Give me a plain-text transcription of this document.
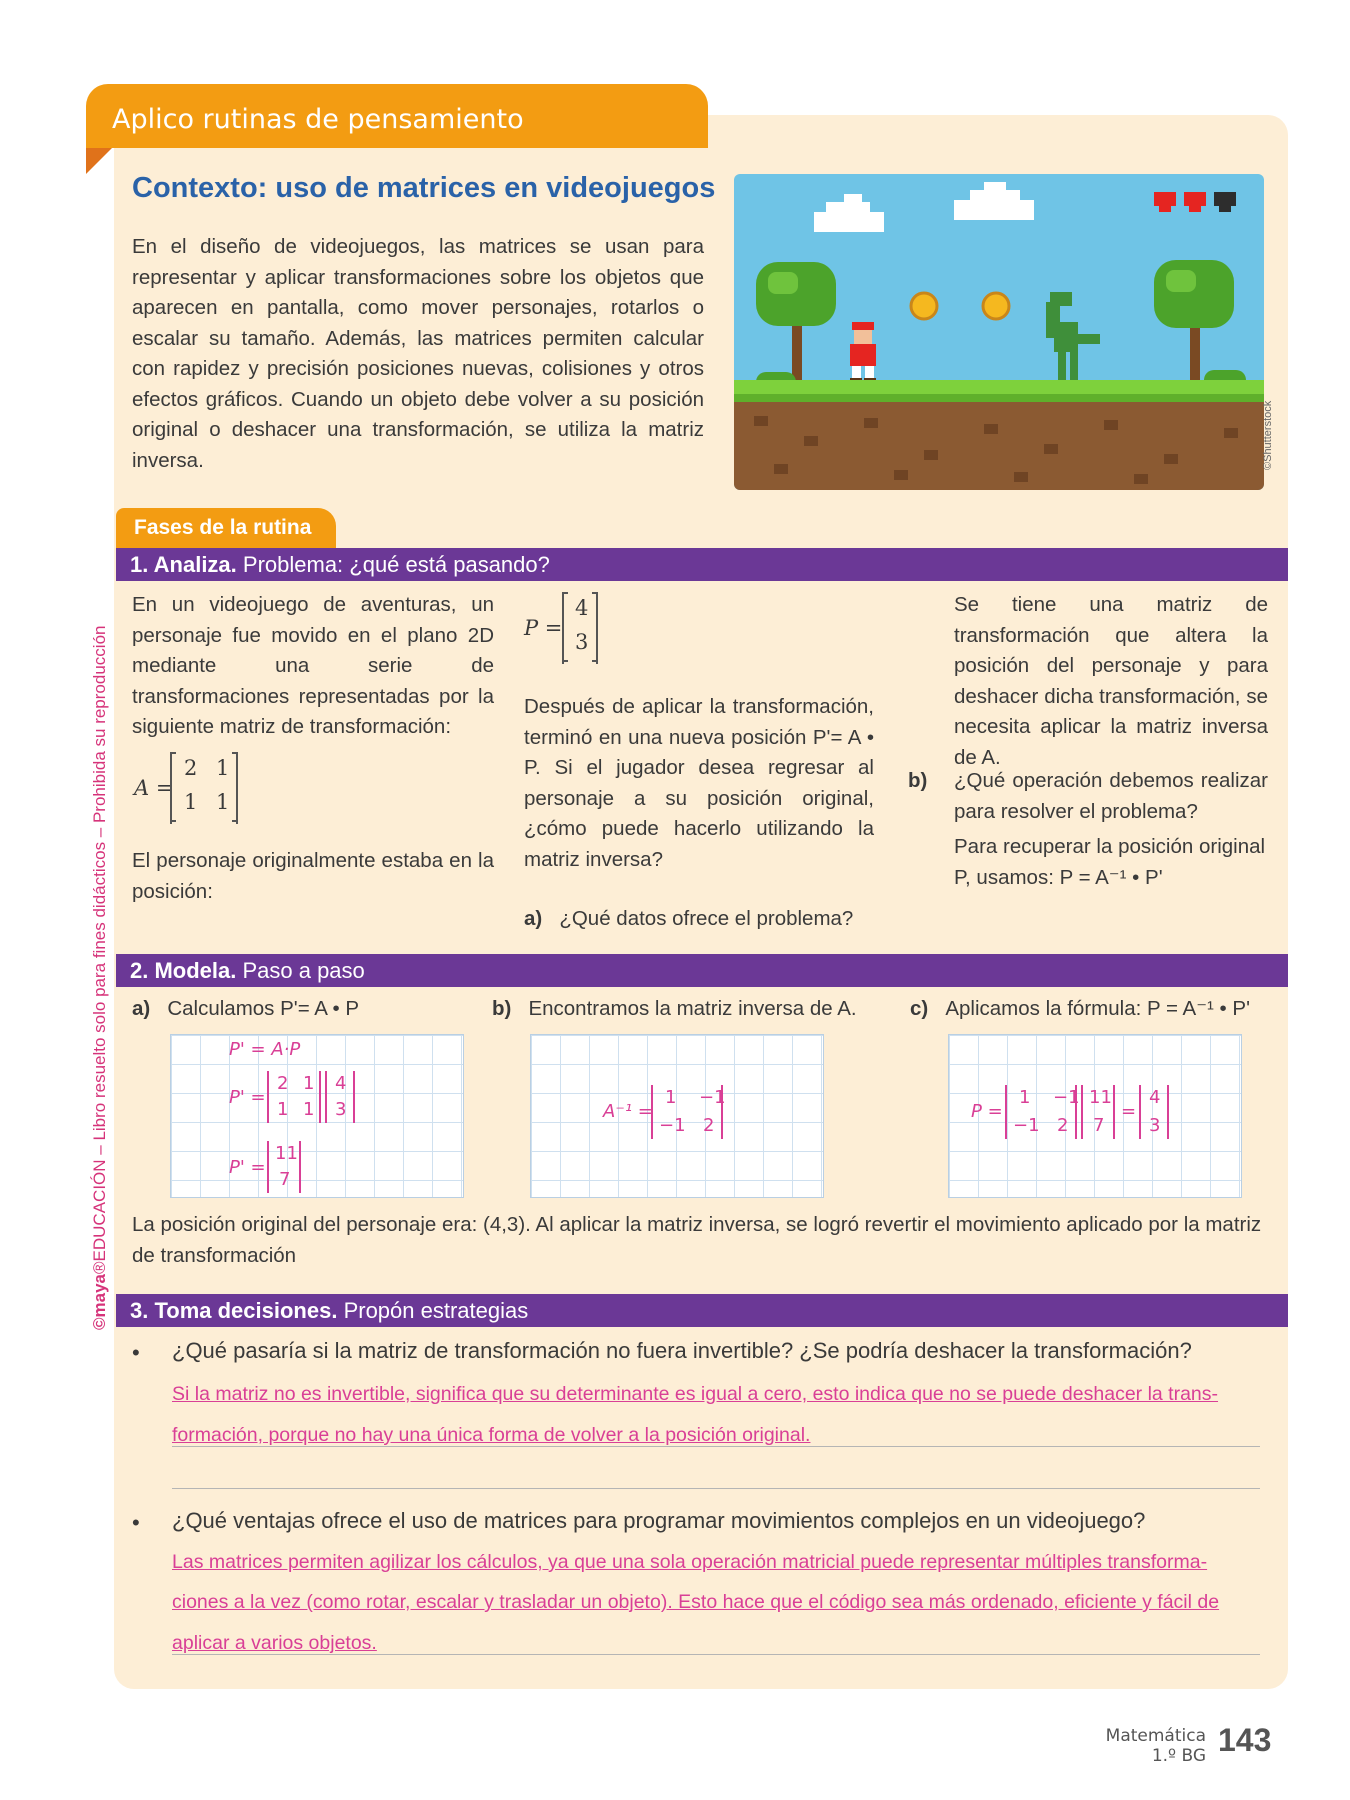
Aplico rutinas de pensamiento
Contexto: uso de matrices en videojuegos
En el diseño de videojuegos, las matrices se usan para representar y aplicar transformaciones sobre los objetos que aparecen en pantalla, como mover personajes, rotarlos o escalar su tamaño. Además, las matrices permiten calcular con rapidez y precisión posiciones nuevas, colisiones y otros efectos gráficos. Cuando un objeto debe volver a su posición original o deshacer una transformación, se utiliza la matriz inversa.	©Shutterstock
©maya®EDUCACIÓN – Libro resuelto solo para fines didácticos – Prohibida su reproducción
Fases de la rutina
1. Analiza. Problema: ¿qué está pasando?
En un videojuego de aventuras, un personaje fue movido en el plano 2D mediante una serie de transformaciones representadas por la siguiente matriz de transformación:
A =
2 1
1 1
El personaje originalmente estaba en la posición:
P =
4
3
Después de aplicar la transformación, terminó en una nueva posición P'= A • P. Si el jugador desea regresar al personaje a su posición original, ¿cómo puede hacerlo utilizando la matriz inversa?
a) ¿Qué datos ofrece el problema?
Se tiene una matriz de transformación que altera la posición del personaje y para deshacer dicha transformación, se necesita aplicar la matriz inversa de A.
b)	¿Qué operación debemos realizar para resolver el problema?
Para recuperar la posición original P, usamos: P = A⁻¹ • P'
2. Modela. Paso a paso
a) Calculamos P'= A • P	b) Encontramos la matriz inversa de A.	c) Aplicamos la fórmula: P = A⁻¹ • P'
P' = A·P
P' =
2 1
1 1
4
3
P' =
11
7
A⁻¹ =
1 −1
−1 2
P =
1 −1
−1 2
11
7
=
4
3
La posición original del personaje era: (4,3). Al aplicar la matriz inversa, se logró revertir el movimiento aplicado por la matriz de transformación
3. Toma decisiones. Propón estrategias
• ¿Qué pasaría si la matriz de transformación no fuera invertible? ¿Se podría deshacer la transformación?
Si la matriz no es invertible, significa que su determinante es igual a cero, esto indica que no se puede deshacer la trans-
formación, porque no hay una única forma de volver a la posición original.
• ¿Qué ventajas ofrece el uso de matrices para programar movimientos complejos en un videojuego?
Las matrices permiten agilizar los cálculos, ya que una sola operación matricial puede representar múltiples transforma-
ciones a la vez (como rotar, escalar y trasladar un objeto). Esto hace que el código sea más ordenado, eficiente y fácil de
aplicar a varios objetos.
Matemática
1.º BG 143
